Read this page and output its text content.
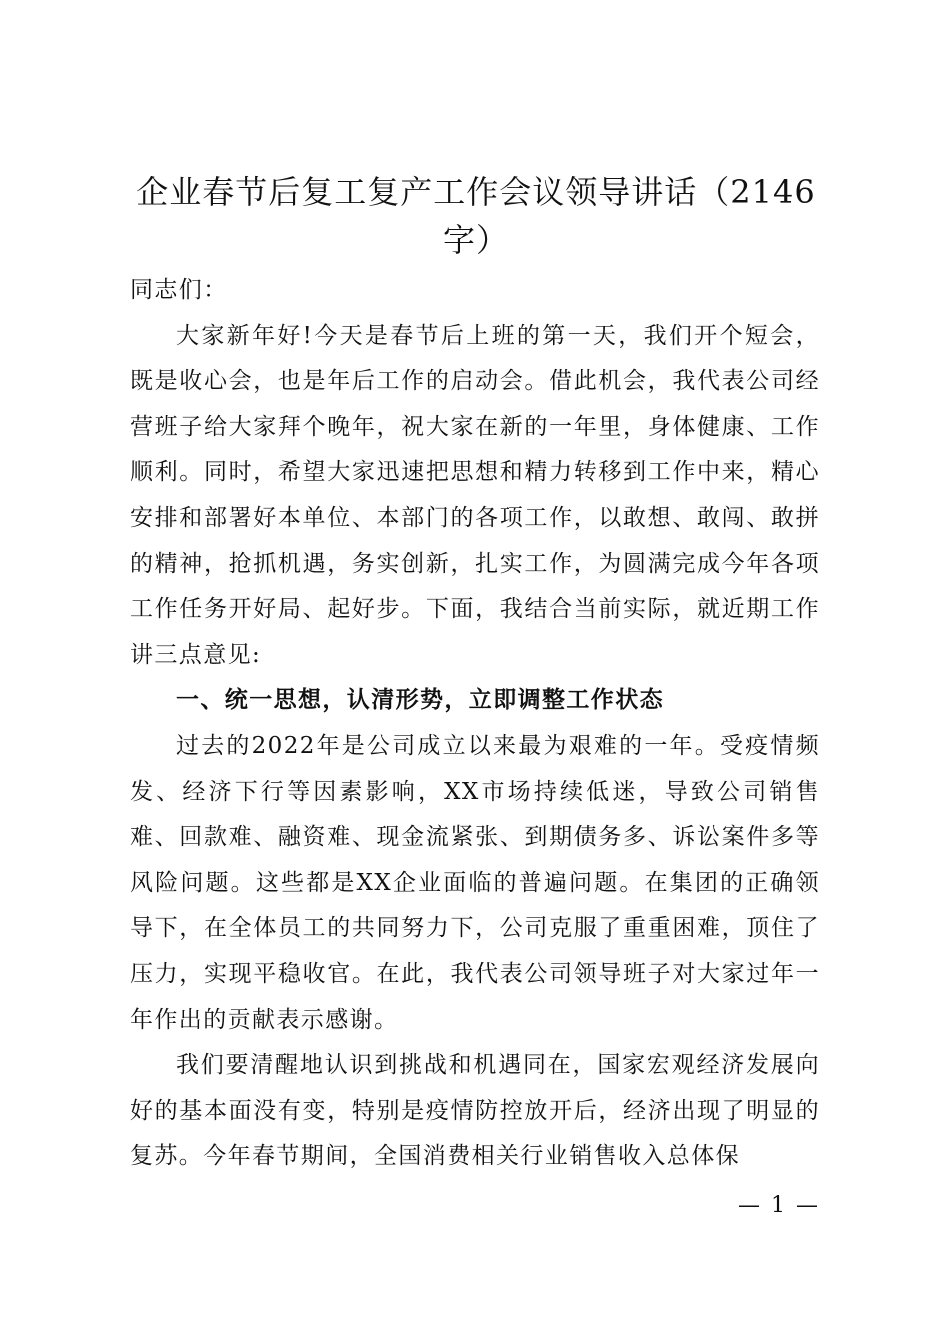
企业春节后复工复产工作会议领导讲话（2146字）

同志们：

大家新年好!今天是春节后上班的第一天，我们开个短会，既是收心会，也是年后工作的启动会。借此机会，我代表公司经营班子给大家拜个晚年，祝大家在新的一年里，身体健康、工作顺利。同时，希望大家迅速把思想和精力转移到工作中来，精心安排和部署好本单位、本部门的各项工作，以敢想、敢闯、敢拼的精神，抢抓机遇，务实创新，扎实工作，为圆满完成今年各项工作任务开好局、起好步。下面，我结合当前实际，就近期工作讲三点意见:

一、统一思想，认清形势，立即调整工作状态

过去的2022年是公司成立以来最为艰难的一年。受疫情频发、经济下行等因素影响，XX市场持续低迷，导致公司销售难、回款难、融资难、现金流紧张、到期债务多、诉讼案件多等风险问题。这些都是XX企业面临的普遍问题。在集团的正确领导下，在全体员工的共同努力下，公司克服了重重困难，顶住了压力，实现平稳收官。在此，我代表公司领导班子对大家过年一年作出的贡献表示感谢。

我们要清醒地认识到挑战和机遇同在，国家宏观经济发展向好的基本面没有变，特别是疫情防控放开后，经济出现了明显的复苏。今年春节期间，全国消费相关行业销售收入总体保

— 1 —
